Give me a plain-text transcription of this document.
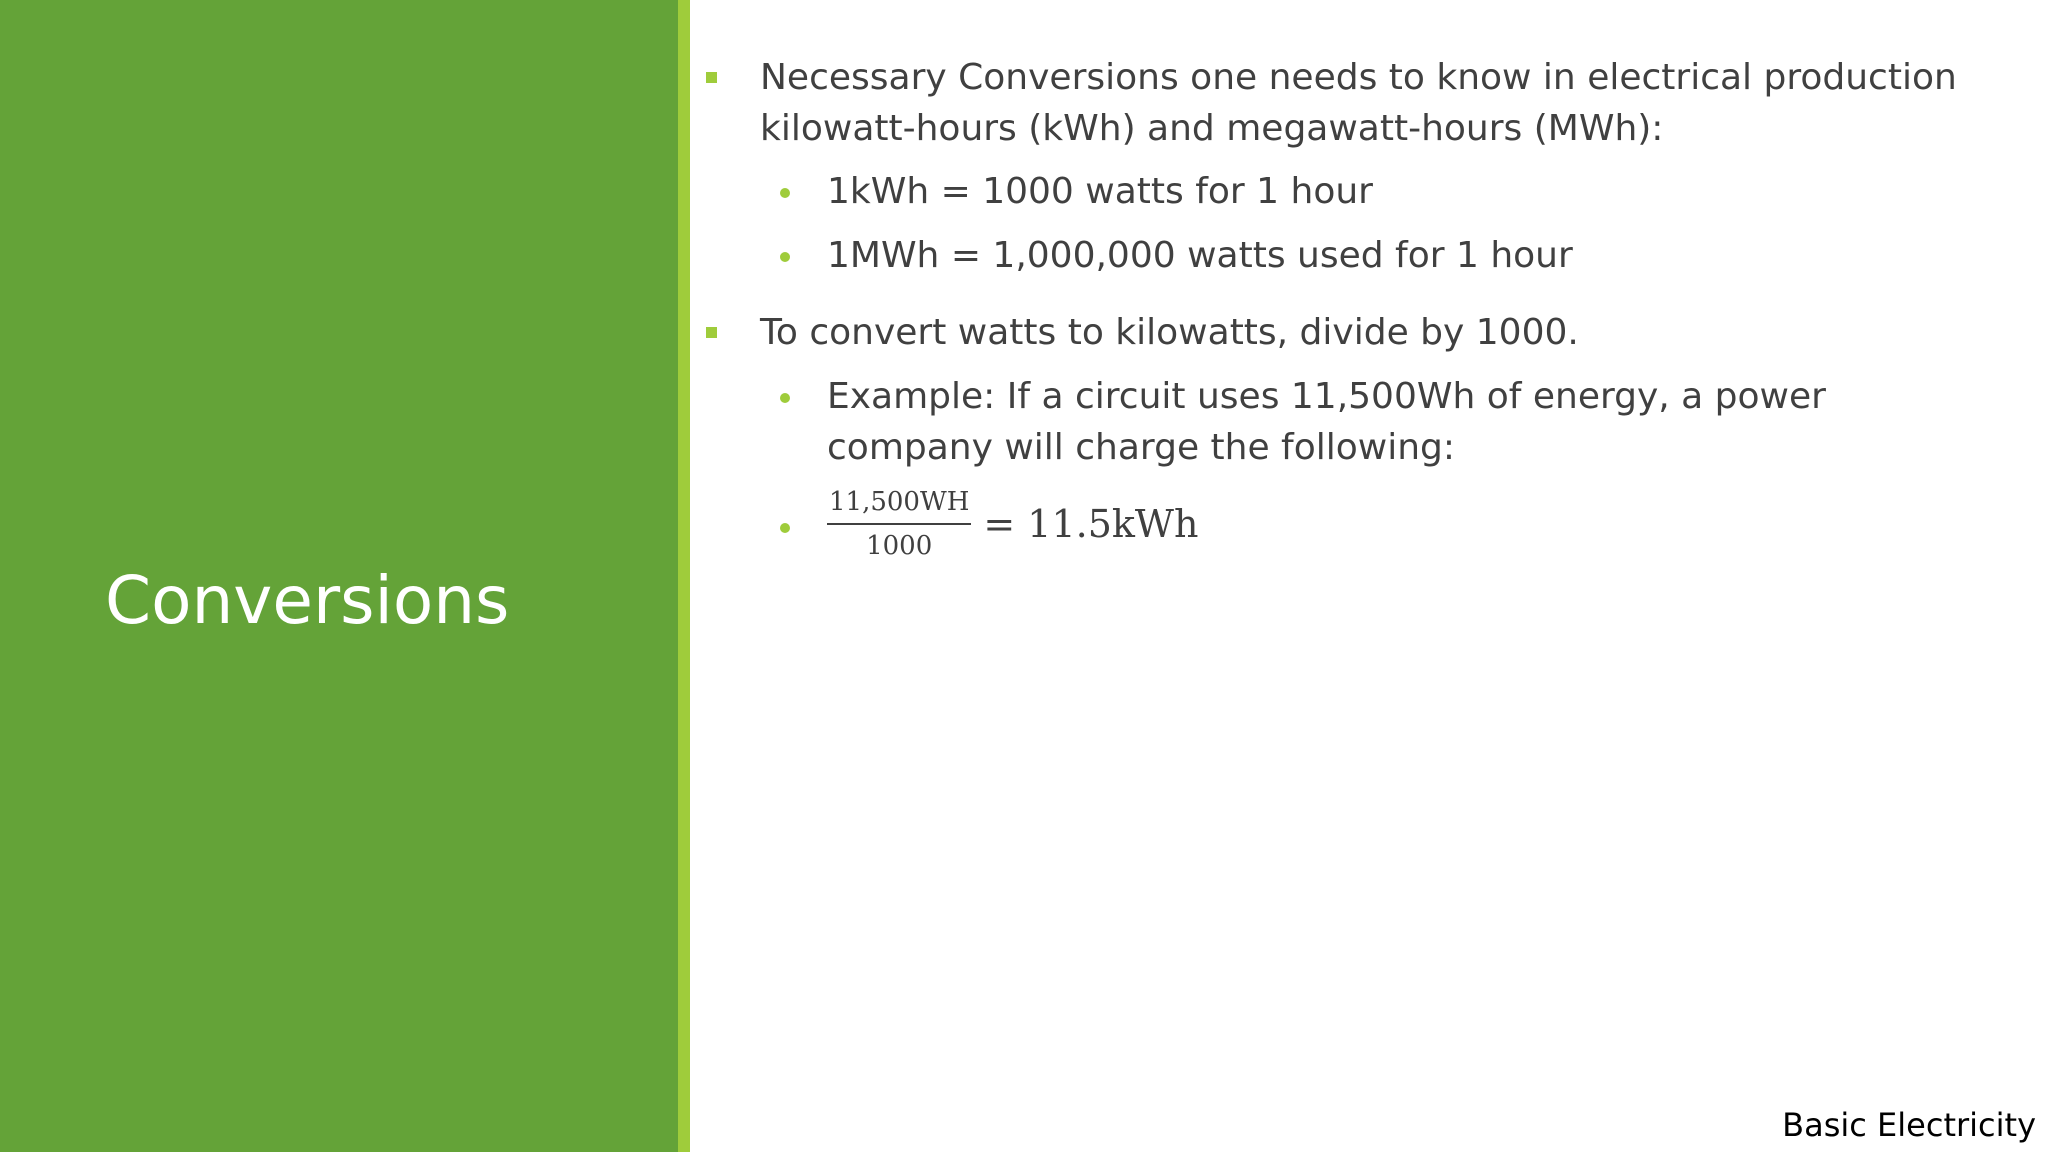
Conversions
Necessary Conversions one needs to know in electrical production kilowatt-hours (kWh) and megawatt-hours (MWh):
1kWh = 1000 watts for 1 hour
1MWh = 1,000,000 watts used for 1 hour
To convert watts to kilowatts, divide by 1000.
Example: If a circuit uses 11,500Wh of energy, a power company will charge the following:
$\frac{11,500WH}{1000} = 11.5kWh$
Basic Electricity
